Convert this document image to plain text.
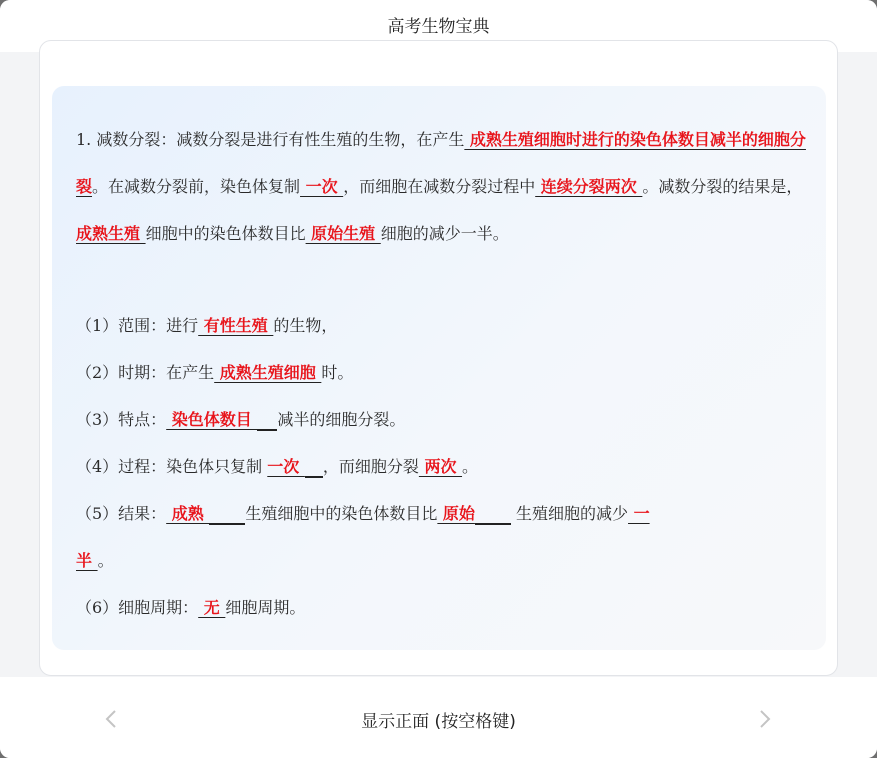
高考生物宝典
1. 减数分裂：减数分裂是进行有性生殖的生物，在产生 成熟生殖细胞时进行的染色体数目减半的细胞分裂。在减数分裂前，染色体复制 一次 ，而细胞在减数分裂过程中 连续分裂两次 。减数分裂的结果是， 成熟生殖 细胞中的染色体数目比 原始生殖 细胞的减少一半。
（1）范围：进行 有性生殖 的生物，
（2）时期：在产生 成熟生殖细胞 时。
（3）特点： 染色体数目 减半的细胞分裂。
（4）过程：染色体只复制 一次 ，而细胞分裂 两次 。
（5）结果： 成熟 生殖细胞中的染色体数目比 原始 生殖细胞的减少 一
半 。
（6）细胞周期： 无 细胞周期。
显示正面 (按空格键)
